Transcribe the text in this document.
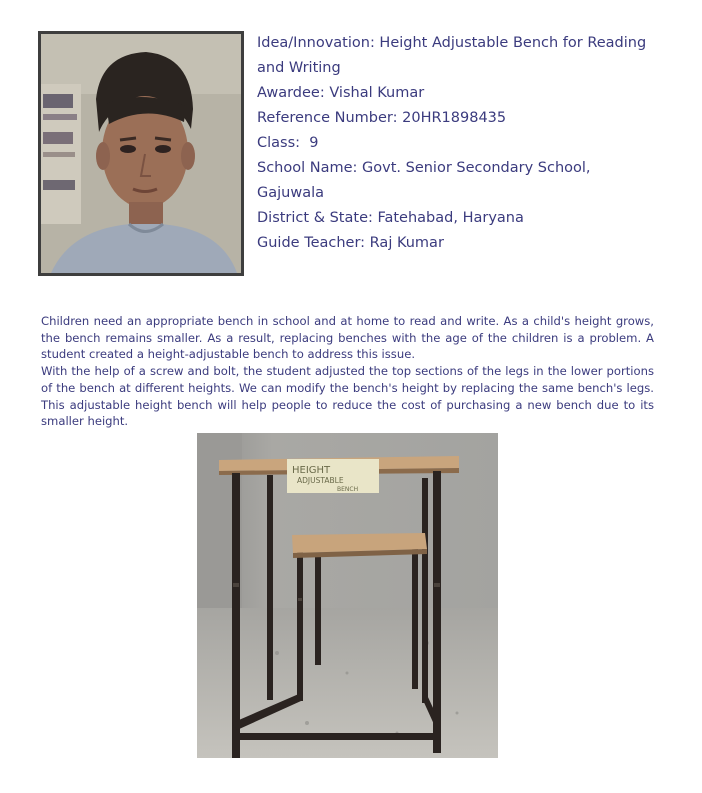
Idea/Innovation: Height Adjustable Bench for Reading
and Writing
Awardee: Vishal Kumar
Reference Number: 20HR1898435
Class:  9
School Name: Govt. Senior Secondary School,
Gajuwala
District & State: Fatehabad, Haryana
Guide Teacher: Raj Kumar

Children need an appropriate bench in school and at home to read and write. As a child's height grows, the bench remains smaller. As a result, replacing benches with the age of the children is a problem. A student created a height-adjustable bench to address this issue.

With the help of a screw and bolt, the student adjusted the top sections of the legs in the lower portions of the bench at different heights. We can modify the bench's height by replacing the same bench's legs. This adjustable height bench will help people to reduce the cost of purchasing a new bench due to its smaller height.

HEIGHT
ADJUSTABLE
BENCH
